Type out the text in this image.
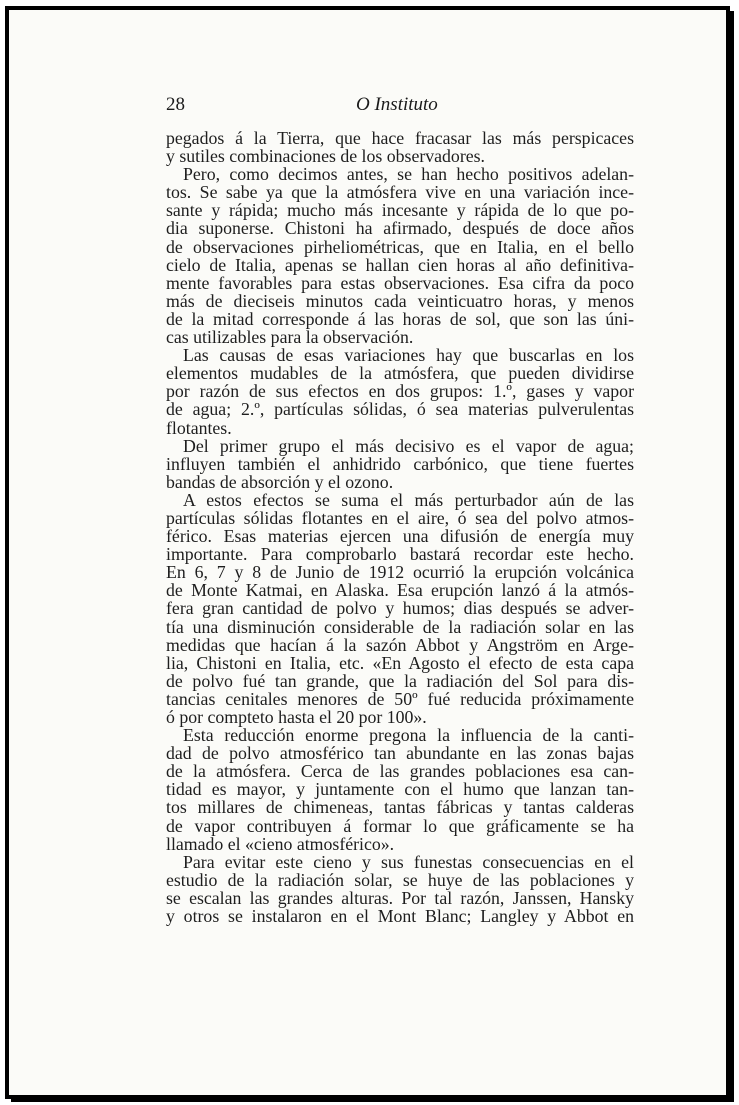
28	O Instituto
pegados á la Tierra, que hace fracasar las más perspicaces
y sutiles combinaciones de los observadores.
Pero, como decimos antes, se han hecho positivos adelan-
tos. Se sabe ya que la atmósfera vive en una variación ince-
sante y rápida; mucho más incesante y rápida de lo que po-
dia suponerse. Chistoni ha afirmado, después de doce años
de observaciones pirheliométricas, que en Italia, en el bello
cielo de Italia, apenas se hallan cien horas al año definitiva-
mente favorables para estas observaciones. Esa cifra da poco
más de dieciseis minutos cada veinticuatro horas, y menos
de la mitad corresponde á las horas de sol, que son las úni-
cas utilizables para la observación.
Las causas de esas variaciones hay que buscarlas en los
elementos mudables de la atmósfera, que pueden dividirse
por razón de sus efectos en dos grupos: 1.º, gases y vapor
de agua; 2.º, partículas sólidas, ó sea materias pulverulentas
flotantes.
Del primer grupo el más decisivo es el vapor de agua;
influyen también el anhidrido carbónico, que tiene fuertes
bandas de absorción y el ozono.
A estos efectos se suma el más perturbador aún de las
partículas sólidas flotantes en el aire, ó sea del polvo atmos-
férico. Esas materias ejercen una difusión de energía muy
importante. Para comprobarlo bastará recordar este hecho.
En 6, 7 y 8 de Junio de 1912 ocurrió la erupción volcánica
de Monte Katmai, en Alaska. Esa erupción lanzó á la atmós-
fera gran cantidad de polvo y humos; dias después se adver-
tía una disminución considerable de la radiación solar en las
medidas que hacían á la sazón Abbot y Angström en Arge-
lia, Chistoni en Italia, etc. «En Agosto el efecto de esta capa
de polvo fué tan grande, que la radiación del Sol para dis-
tancias cenitales menores de 50º fué reducida próximamente
ó por compteto hasta el 20 por 100».
Esta reducción enorme pregona la influencia de la canti-
dad de polvo atmosférico tan abundante en las zonas bajas
de la atmósfera. Cerca de las grandes poblaciones esa can-
tidad es mayor, y juntamente con el humo que lanzan tan-
tos millares de chimeneas, tantas fábricas y tantas calderas
de vapor contribuyen á formar lo que gráficamente se ha
llamado el «cieno atmosférico».
Para evitar este cieno y sus funestas consecuencias en el
estudio de la radiación solar, se huye de las poblaciones y
se escalan las grandes alturas. Por tal razón, Janssen, Hansky
y otros se instalaron en el Mont Blanc; Langley y Abbot en
